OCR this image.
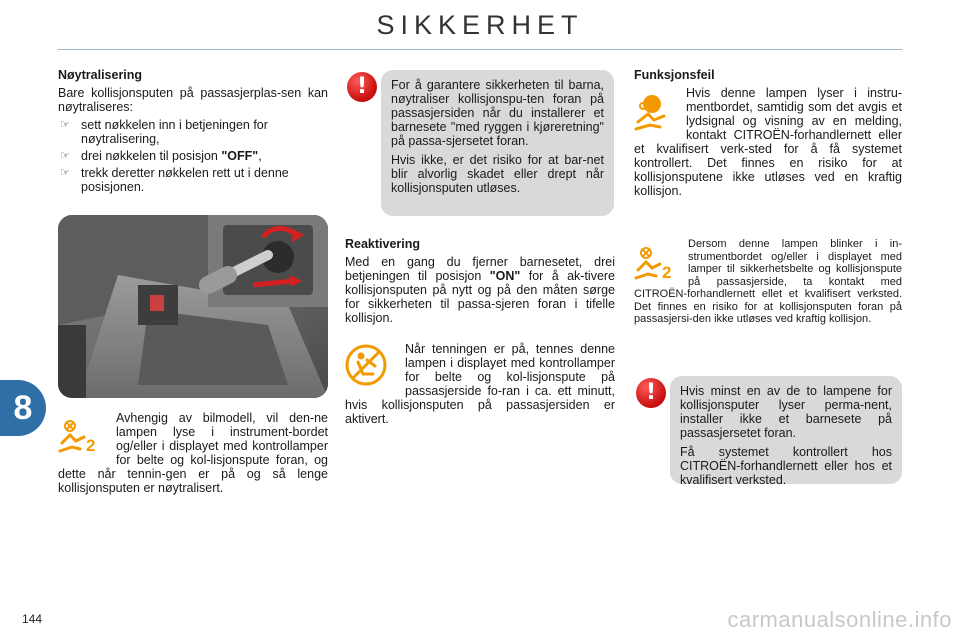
SIKKERHET
8
Nøytralisering
Bare kollisjonsputen på passasjerplas-sen kan nøytraliseres:
☞ sett nøkkelen inn i betjeningen for nøytralisering,
☞ drei nøkkelen til posisjon "OFF",
☞ trekk deretter nøkkelen rett ut i denne posisjonen.
2
Avhengig av bilmodell, vil den-ne lampen lyse i instrument-bordet og/eller i displayet med kontrollamper for belte og kol-lisjonspute foran, og dette når tennin-gen er på og så lenge kollisjonsputen er nøytralisert.
!	For å garantere sikkerheten til barna, nøytraliser kollisjonspu-ten foran på passasjersiden når du installerer et barnesete "med ryggen i kjøreretning" på passa-sjersetet foran.
Hvis ikke, er det risiko for at bar-net blir alvorlig skadet eller drept når kollisjonsputen utløses.
Reaktivering
Med en gang du fjerner barnesetet, drei betjeningen til posisjon "ON" for å ak-tivere kollisjonsputen på nytt og på den måten sørge for sikkerheten til passa-sjeren foran i tifelle kollisjon.
Når tenningen er på, tennes denne lampen i displayet med kontrollamper for belte og kol-lisjonspute på passasjerside fo-ran i ca. ett minutt, hvis kollisjonsputen på passasjersiden er aktivert.
Funksjonsfeil
Hvis denne lampen lyser i instru-mentbordet, samtidig som det avgis et lydsignal og visning av en melding, kontakt CITROËN-forhandlernett eller et kvalifisert verk-sted for å få systemet kontrollert. Det finnes en risiko for at kollisjonsputene ikke utløses ved en kraftig kollisjon.
2
Dersom denne lampen blinker i in-strumentbordet og/eller i displayet med lamper til sikkerhetsbelte og kollisjonspute på passasjerside, ta kontakt med CITROËN-forhandlernett ellet et kvalifisert verksted. Det finnes en risiko for at kollisjonsputen foran på passasjersi-den ikke utløses ved kraftig kollisjon.
!	Hvis minst en av de to lampene for kollisjonsputer lyser perma-nent, installer ikke et barnesete på passasjersetet foran.
Få systemet kontrollert hos CITROËN-forhandlernett eller hos et kvalifisert verksted.
144	carmanualsonline.info
